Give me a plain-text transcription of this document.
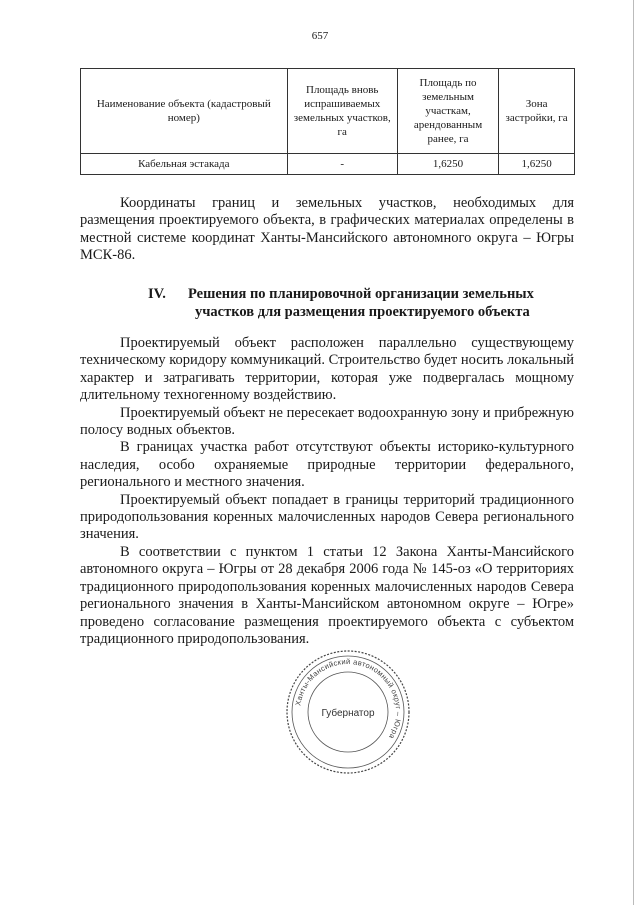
657
Наименование объекта (кадастровый номер)	Площадь вновь испрашиваемых земельных участков, га	Площадь по земельным участкам, арендованным ранее, га	Зона застройки, га
Кабельная эстакада	-	1,6250	1,6250

Координаты границ и земельных участков, необходимых для размещения проектируемого объекта, в графических материалах определены в местной системе координат Ханты-Мансийского автономного округа – Югры МСК-86.

IV.	Решения по планировочной организации земельных
участков для размещения проектируемого объекта

Проектируемый объект расположен параллельно существующему техническому коридору коммуникаций. Строительство будет носить локальный характер и затрагивать территории, которая уже подвергалась мощному длительному техногенному воздействию.

Проектируемый объект не пересекает водоохранную зону и прибрежную полосу водных объектов.

В границах участка работ отсутствуют объекты историко-культурного наследия, особо охраняемые природные территории федерального, регионального и местного значения.

Проектируемый объект попадает в границы территорий традиционного природопользования коренных малочисленных народов Севера регионального значения.

В соответствии с пунктом 1 статьи 12 Закона Ханты-Мансийского автономного округа – Югры от 28 декабря 2006 года № 145-оз «О территориях традиционного природопользования коренных малочисленных народов Севера регионального значения в Ханты-Мансийском автономном округе – Югре» проведено согласование размещения проектируемого объекта с субъектом традиционного природопользования.

Ханты-Мансийский автономный округ – Югра
Губернатор
